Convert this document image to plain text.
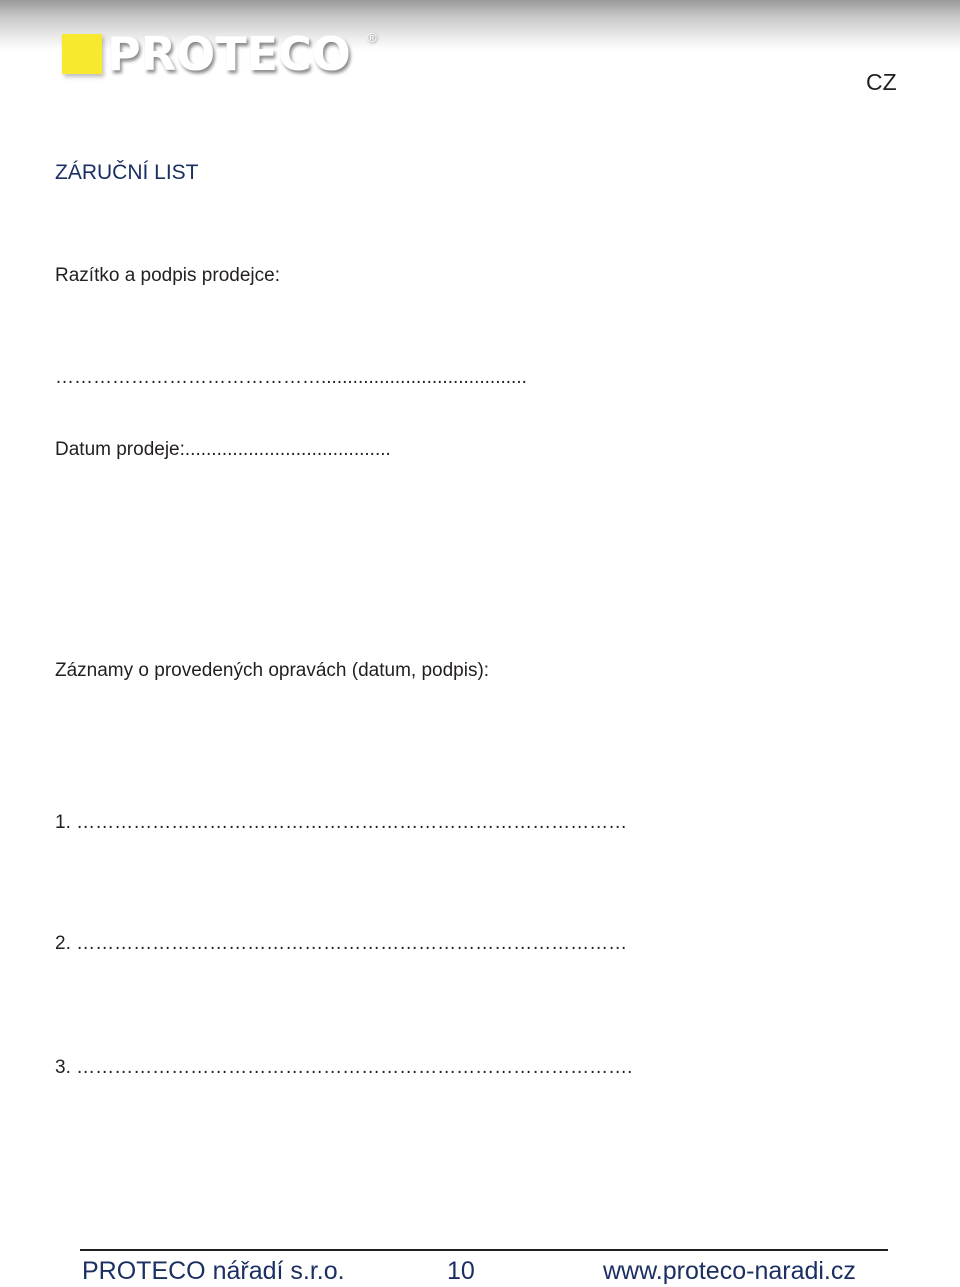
PROTECO ®
CZ
ZÁRUČNÍ LIST
Razítko a podpis prodejce:
…………………………………….......................................
Datum prodeje:.......................................
Záznamy o provedených opravách (datum, podpis):
1. ……………………………………………………………………………
2. ……………………………………………………………………………
3. …………………………………………………………………………….
PROTECO nářadí s.r.o.	10	www.proteco-naradi.cz
